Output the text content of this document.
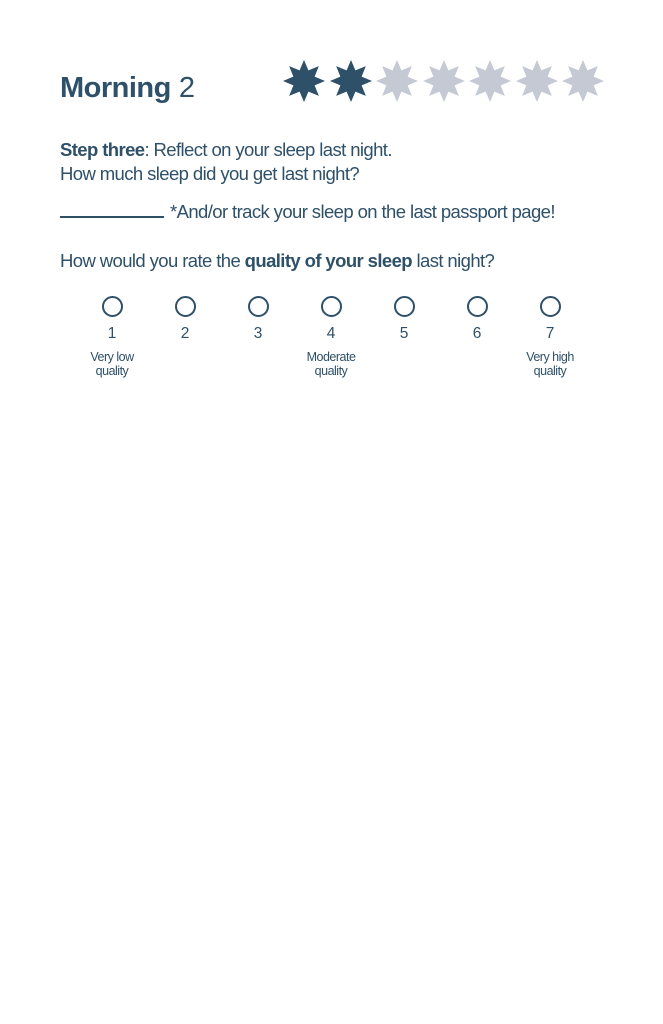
Morning 2
Step three: Reflect on your sleep last night.
How much sleep did you get last night?
*And/or track your sleep on the last passport page!
How would you rate the quality of your sleep last night?
1
Very low
quality
2	3	4
Moderate
quality
5	6	7
Very high
quality
